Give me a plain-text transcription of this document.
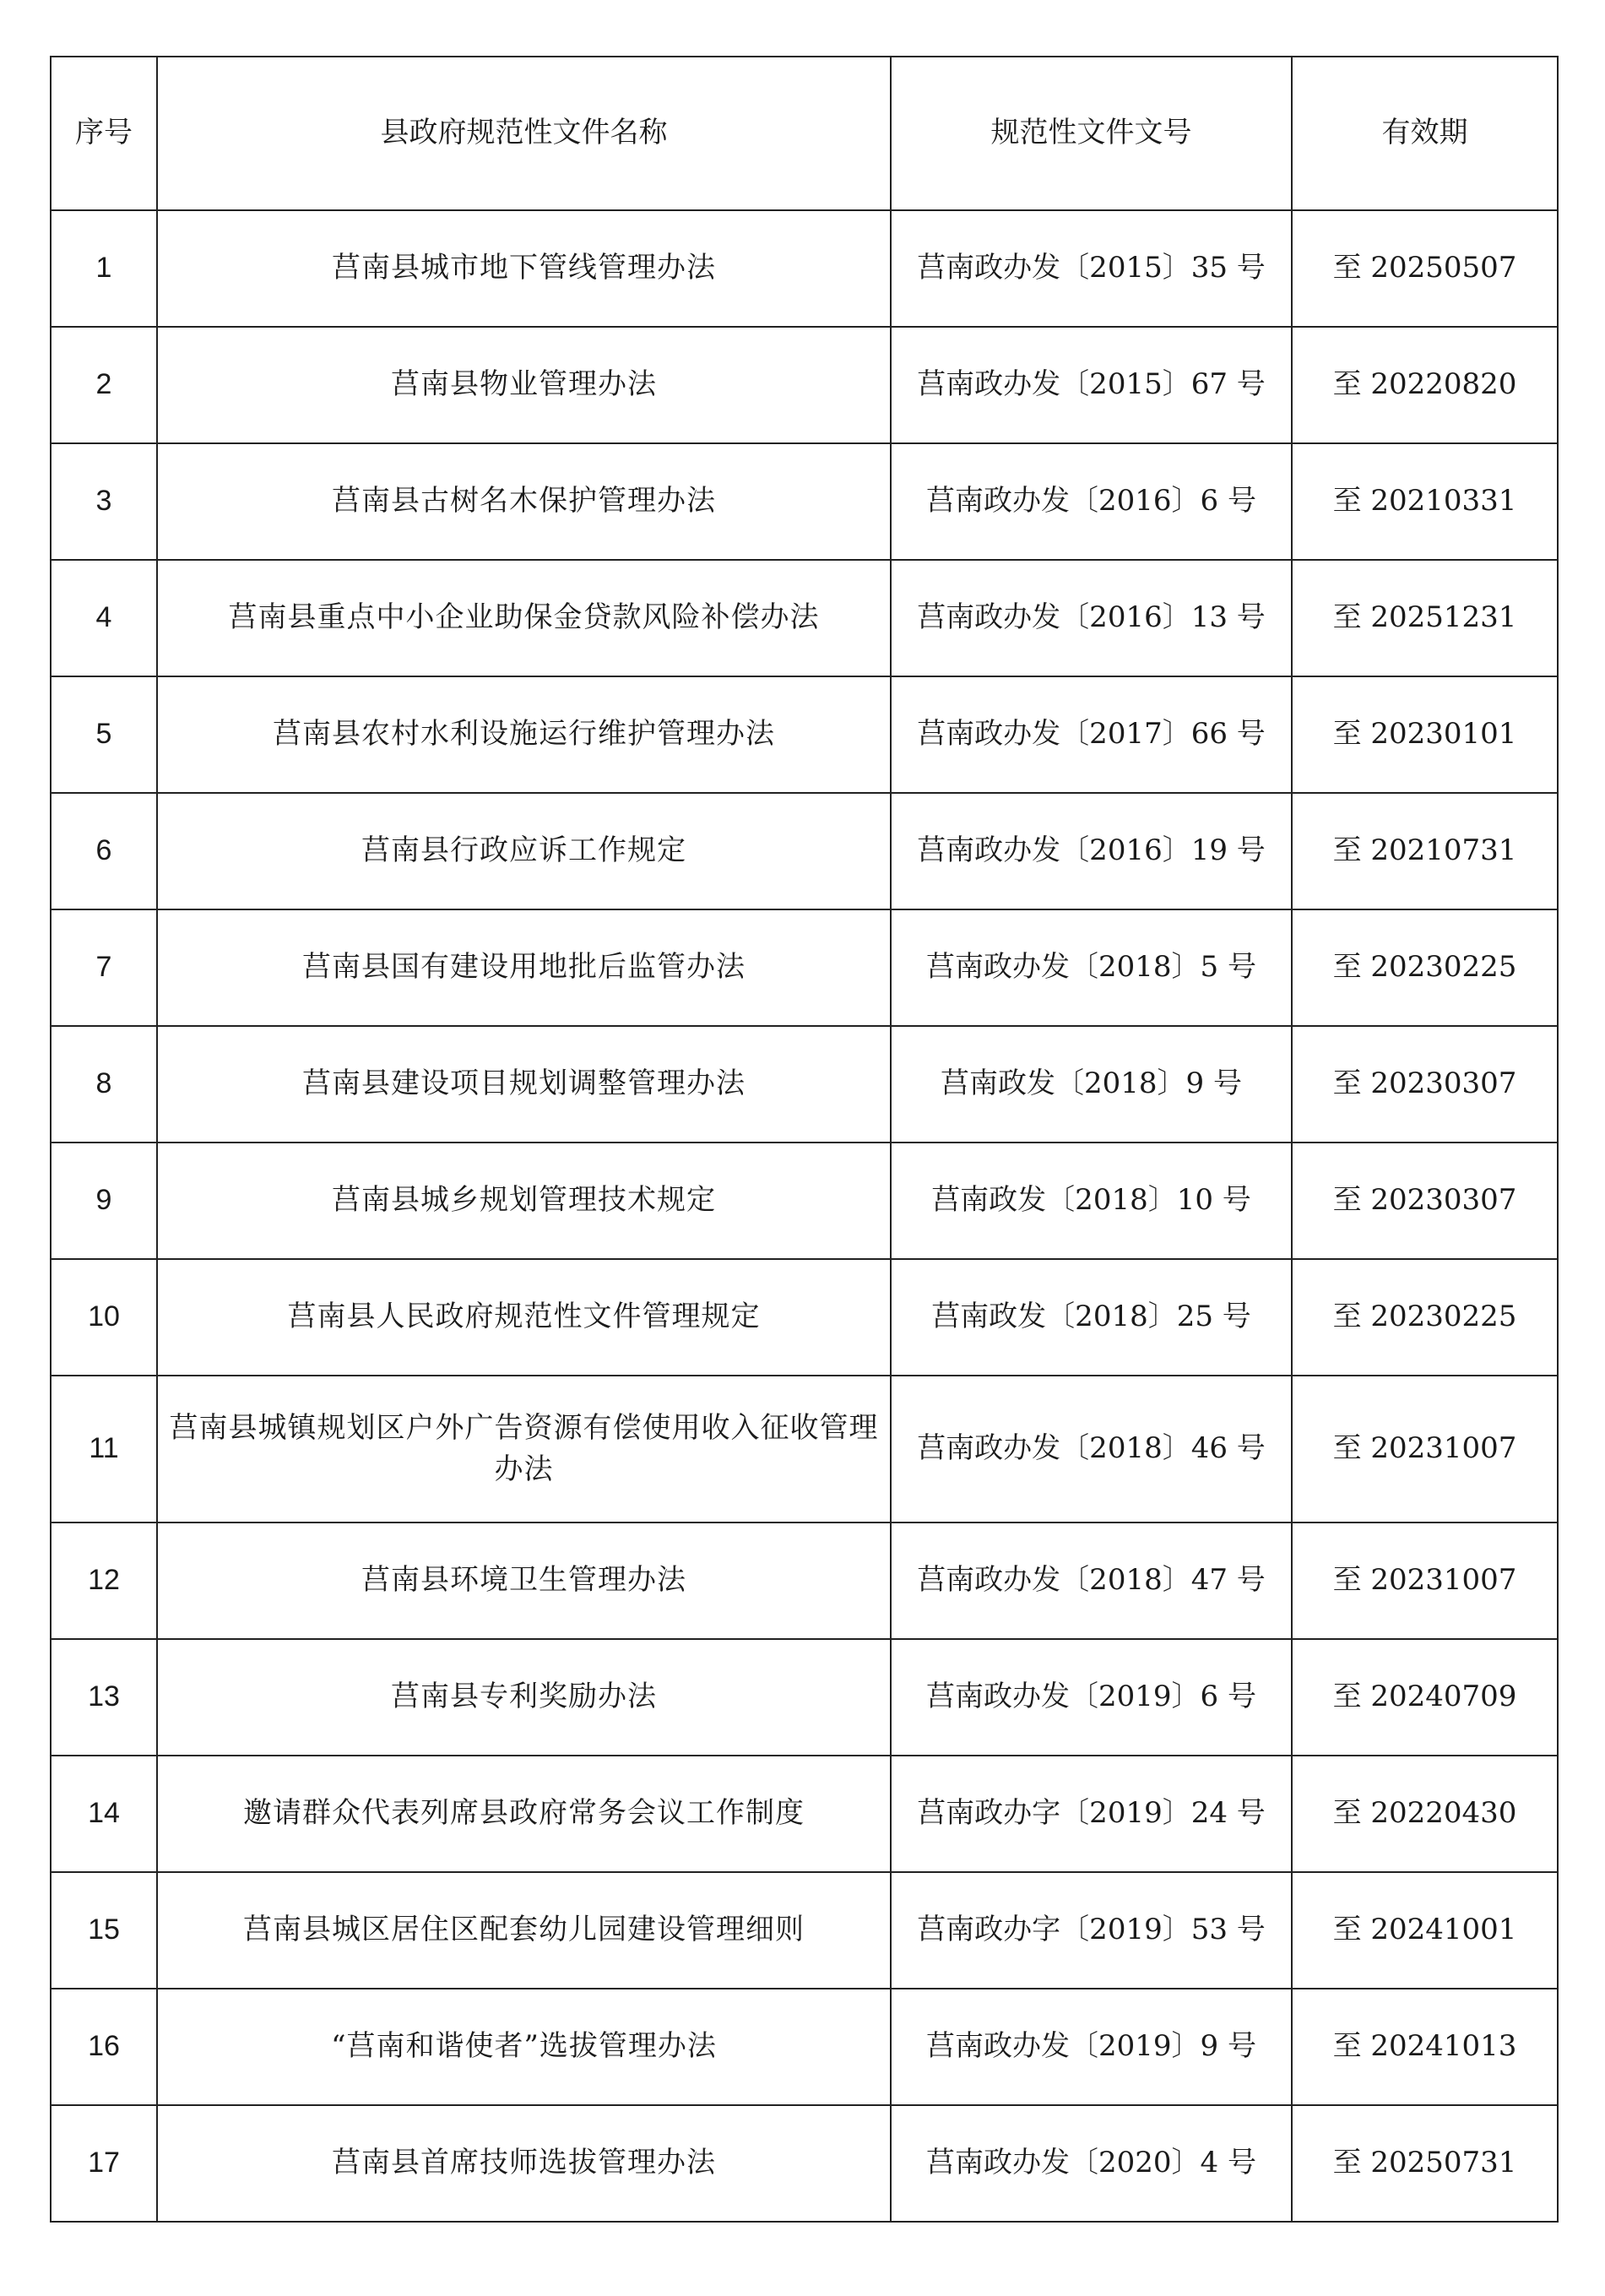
序号	县政府规范性文件名称	规范性文件文号	有效期
1	莒南县城市地下管线管理办法	莒南政办发〔2015〕35 号	至 20250507
2	莒南县物业管理办法	莒南政办发〔2015〕67 号	至 20220820
3	莒南县古树名木保护管理办法	莒南政办发〔2016〕6 号	至 20210331
4	莒南县重点中小企业助保金贷款风险补偿办法	莒南政办发〔2016〕13 号	至 20251231
5	莒南县农村水利设施运行维护管理办法	莒南政办发〔2017〕66 号	至 20230101
6	莒南县行政应诉工作规定	莒南政办发〔2016〕19 号	至 20210731
7	莒南县国有建设用地批后监管办法	莒南政办发〔2018〕5 号	至 20230225
8	莒南县建设项目规划调整管理办法	莒南政发〔2018〕9 号	至 20230307
9	莒南县城乡规划管理技术规定	莒南政发〔2018〕10 号	至 20230307
10	莒南县人民政府规范性文件管理规定	莒南政发〔2018〕25 号	至 20230225
11	莒南县城镇规划区户外广告资源有偿使用收入征收管理办法	莒南政办发〔2018〕46 号	至 20231007
12	莒南县环境卫生管理办法	莒南政办发〔2018〕47 号	至 20231007
13	莒南县专利奖励办法	莒南政办发〔2019〕6 号	至 20240709
14	邀请群众代表列席县政府常务会议工作制度	莒南政办字〔2019〕24 号	至 20220430
15	莒南县城区居住区配套幼儿园建设管理细则	莒南政办字〔2019〕53 号	至 20241001
16	“莒南和谐使者”选拔管理办法	莒南政办发〔2019〕9 号	至 20241013
17	莒南县首席技师选拔管理办法	莒南政办发〔2020〕4 号	至 20250731
